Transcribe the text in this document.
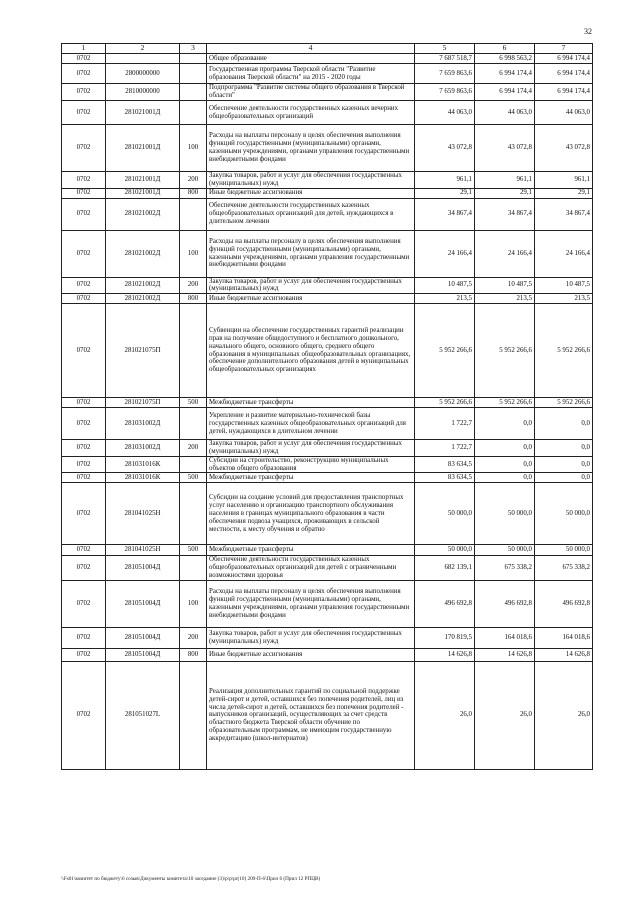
32
1	2	3	4	5	6	7
0702			Общее образование	7 687 518,7	6 998 563,2	6 994 174,4
0702	2800000000		Государственная программа Тверской области "Развитие образования Тверской области" на 2015 - 2020 годы	7 659 863,6	6 994 174,4	6 994 174,4
0702	2810000000		Подпрограмма "Развитие системы общего образования в Тверской области"	7 659 863,6	6 994 174,4	6 994 174,4
0702	281021001Д		Обеспечение деятельности государственных казенных вечерних общеобразовательных организаций	44 063,0	44 063,0	44 063,0
0702	281021001Д	100	Расходы на выплаты персоналу в целях обеспечения выполнения функций государственными (муниципальными) органами, казенными учреждениями, органами управления государственными внебюджетными фондами	43 072,8	43 072,8	43 072,8
0702	281021001Д	200	Закупка товаров, работ и услуг для обеспечения государственных (муниципальных) нужд	961,1	961,1	961,1
0702	281021001Д	800	Иные бюджетные ассигнования	29,1	29,1	29,1
0702	281021002Д		Обеспечение деятельности государственных казенных общеобразовательных организаций для детей, нуждающихся в длительном лечении	34 867,4	34 867,4	34 867,4
0702	281021002Д	100	Расходы на выплаты персоналу в целях обеспечения выполнения функций государственными (муниципальными) органами, казенными учреждениями, органами управления государственными внебюджетными фондами	24 166,4	24 166,4	24 166,4
0702	281021002Д	200	Закупка товаров, работ и услуг для обеспечения государственных (муниципальных) нужд	10 487,5	10 487,5	10 487,5
0702	281021002Д	800	Иные бюджетные ассигнования	213,5	213,5	213,5
0702	281021075П		Субвенции на обеспечение государственных гарантий реализации прав на получение общедоступного и бесплатного дошкольного, начального общего, основного общего, среднего общего образования в муниципальных общеобразовательных организациях, обеспечение дополнительного образования детей в муниципальных общеобразовательных организациях	5 952 266,6	5 952 266,6	5 952 266,6
0702	281021075П	500	Межбюджетные трансферты	5 952 266,6	5 952 266,6	5 952 266,6
0702	281031002Д		Укрепление и развитие материально-технической базы государственных казенных общеобразовательных организаций для детей, нуждающихся в длительном лечении	1 722,7	0,0	0,0
0702	281031002Д	200	Закупка товаров, работ и услуг для обеспечения государственных (муниципальных) нужд	1 722,7	0,0	0,0
0702	281031016К		Субсидии на строительство, реконструкцию муниципальных объектов общего образования	83 634,5	0,0	0,0
0702	281031016К	500	Межбюджетные трансферты	83 634,5	0,0	0,0
0702	281041025Н		Субсидии на создание условий для предоставления транспортных услуг населению и организацию транспортного обслуживания населения в границах муниципального образования в части обеспечения подвоза учащихся, проживающих в сельской местности, к месту обучения и обратно	50 000,0	50 000,0	50 000,0
0702	281041025Н	500	Межбюджетные трансферты	50 000,0	50 000,0	50 000,0
0702	281051004Д		Обеспечение деятельности государственных казенных общеобразовательных организаций для детей с ограниченными возможностями здоровья	682 139,1	675 338,2	675 338,2
0702	281051004Д	100	Расходы на выплаты персоналу в целях обеспечения выполнения функций государственными (муниципальными) органами, казенными учреждениями, органами управления государственными внебюджетными фондами	496 692,8	496 692,8	496 692,8
0702	281051004Д	200	Закупка товаров, работ и услуг для обеспечения государственных (муниципальных) нужд	170 819,5	164 018,6	164 018,6
0702	281051004Д	800	Иные бюджетные ассигнования	14 626,8	14 626,8	14 626,8
0702	281051027L		Реализация дополнительных гарантий по социальной поддержке детей-сирот и детей, оставшихся без попечения родителей, лиц из числа детей-сирот и детей, оставшихся без попечения родителей - выпускников организаций, осуществляющих за счет средств областного бюджета Тверской области обучение по образовательным программам, не имеющим государственную аккредитацию (школ-интернатов)	26,0	26,0	26,0
\\Fs01\комитет по бюджету\6 созыв\Документы комитета\10 заседание (3)\p\p\pr(10) 209-П-6\Прил 6 (Прил 12 РПЦВ)
